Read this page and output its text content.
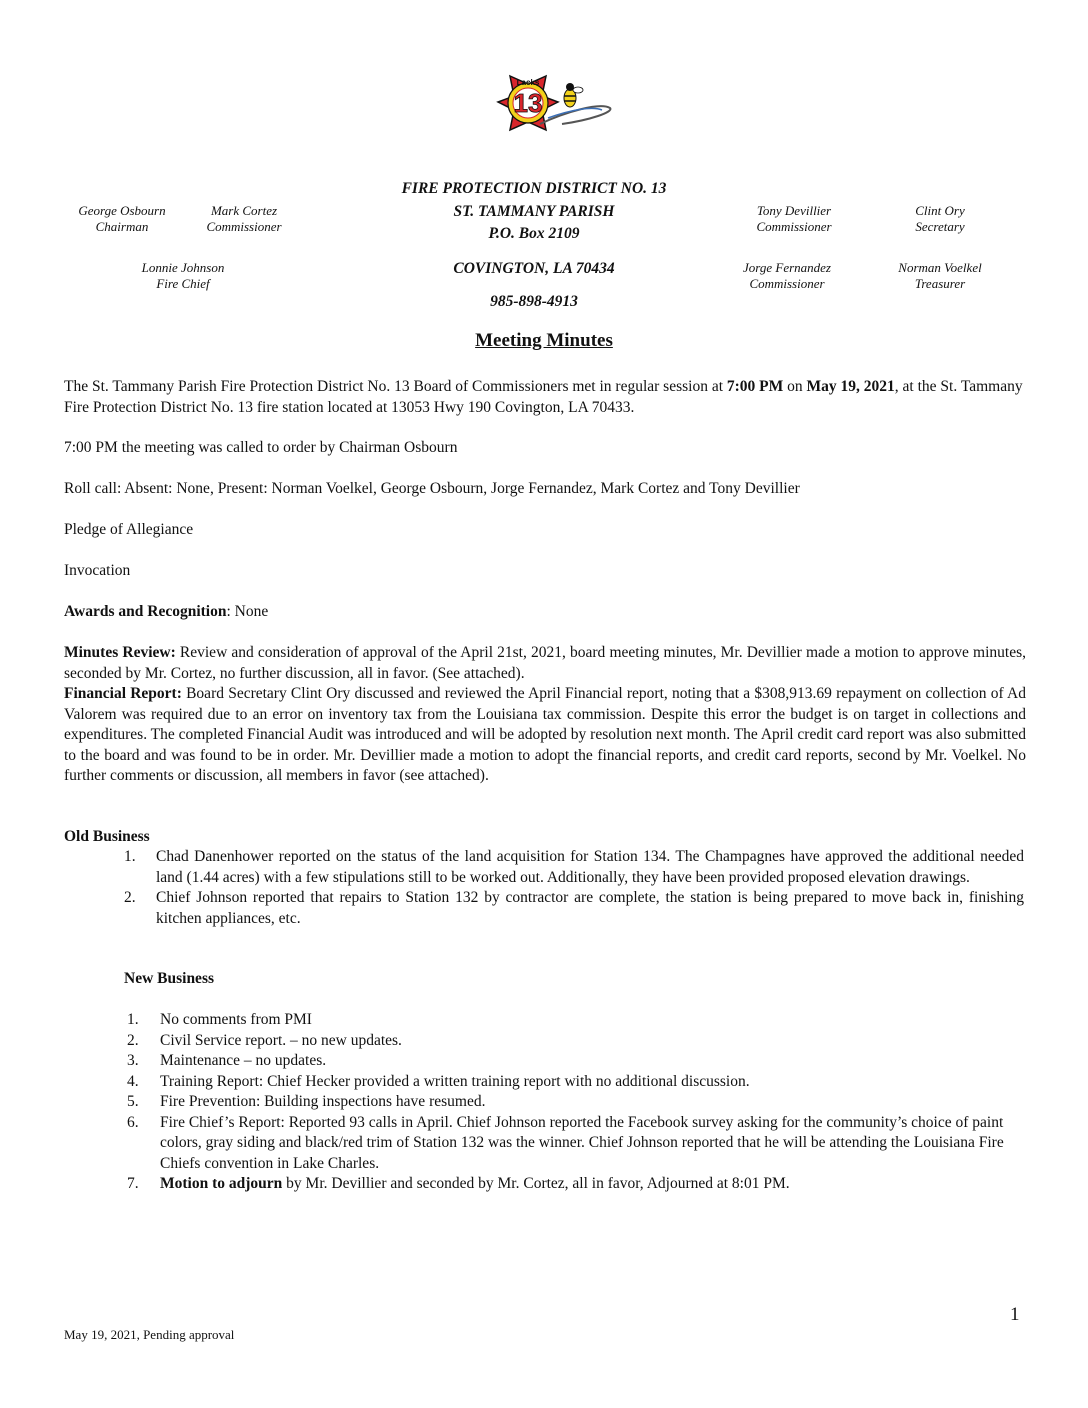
13
Lacks
FIRE PROTECTION DISTRICT NO. 13
ST. TAMMANY PARISH
P.O. Box 2109
COVINGTON, LA 70434
985-898-4913
George Osbourn
Chairman
Mark Cortez
Commissioner
Lonnie Johnson
Fire Chief
Tony Devillier
Commissioner
Clint Ory
Secretary
Jorge Fernandez
Commissioner
Norman Voelkel
Treasurer
Meeting Minutes
The St. Tammany Parish Fire Protection District No. 13 Board of Commissioners met in regular session at 7:00 PM on May 19, 2021, at the St. Tammany Fire Protection District No. 13 fire station located at 13053 Hwy 190 Covington, LA 70433.
7:00 PM the meeting was called to order by Chairman Osbourn
Roll call: Absent: None, Present: Norman Voelkel, George Osbourn, Jorge Fernandez, Mark Cortez and Tony Devillier
Pledge of Allegiance
Invocation
Awards and Recognition: None
Minutes Review: Review and consideration of approval of the April 21st, 2021, board meeting minutes, Mr. Devillier made a motion to approve minutes, seconded by Mr. Cortez, no further discussion, all in favor. (See attached).
Financial Report: Board Secretary Clint Ory discussed and reviewed the April Financial report, noting that a $308,913.69 repayment on collection of Ad Valorem was required due to an error on inventory tax from the Louisiana tax commission. Despite this error the budget is on target in collections and expenditures. The completed Financial Audit was introduced and will be adopted by resolution next month. The April credit card report was also submitted to the board and was found to be in order. Mr. Devillier made a motion to adopt the financial reports, and credit card reports, second by Mr. Voelkel. No further comments or discussion, all members in favor (see attached).
Old Business
1. Chad Danenhower reported on the status of the land acquisition for Station 134. The Champagnes have approved the additional needed land (1.44 acres) with a few stipulations still to be worked out. Additionally, they have been provided proposed elevation drawings.
2. Chief Johnson reported that repairs to Station 132 by contractor are complete, the station is being prepared to move back in, finishing kitchen appliances, etc.
New Business
1. No comments from PMI
2. Civil Service report. – no new updates.
3. Maintenance – no updates.
4. Training Report: Chief Hecker provided a written training report with no additional discussion.
5. Fire Prevention: Building inspections have resumed.
6. Fire Chief’s Report: Reported 93 calls in April. Chief Johnson reported the Facebook survey asking for the community’s choice of paint colors, gray siding and black/red trim of Station 132 was the winner. Chief Johnson reported that he will be attending the Louisiana Fire Chiefs convention in Lake Charles.
7. Motion to adjourn by Mr. Devillier and seconded by Mr. Cortez, all in favor, Adjourned at 8:01 PM.
1
May 19, 2021, Pending approval
